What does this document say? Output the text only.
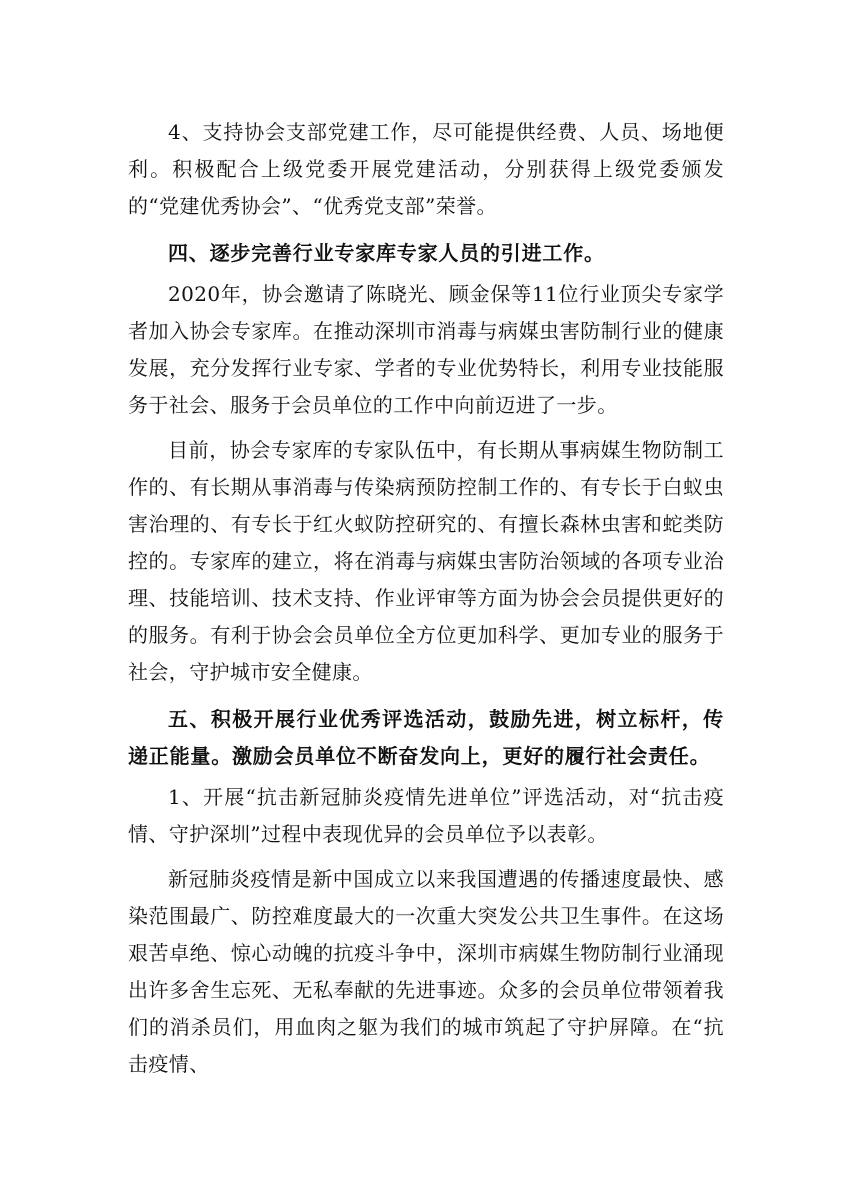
4、支持协会支部党建工作，尽可能提供经费、人员、场地便利。积极配合上级党委开展党建活动，分别获得上级党委颁发的“党建优秀协会”、“优秀党支部”荣誉。

四、逐步完善行业专家库专家人员的引进工作。

2020年，协会邀请了陈晓光、顾金保等11位行业顶尖专家学者加入协会专家库。在推动深圳市消毒与病媒虫害防制行业的健康发展，充分发挥行业专家、学者的专业优势特长，利用专业技能服务于社会、服务于会员单位的工作中向前迈进了一步。

目前，协会专家库的专家队伍中，有长期从事病媒生物防制工作的、有长期从事消毒与传染病预防控制工作的、有专长于白蚁虫害治理的、有专长于红火蚁防控研究的、有擅长森林虫害和蛇类防控的。专家库的建立，将在消毒与病媒虫害防治领域的各项专业治理、技能培训、技术支持、作业评审等方面为协会会员提供更好的的服务。有利于协会会员单位全方位更加科学、更加专业的服务于社会，守护城市安全健康。

五、积极开展行业优秀评选活动，鼓励先进，树立标杆，传递正能量。激励会员单位不断奋发向上，更好的履行社会责任。

1、开展“抗击新冠肺炎疫情先进单位”评选活动，对“抗击疫情、守护深圳”过程中表现优异的会员单位予以表彰。

新冠肺炎疫情是新中国成立以来我国遭遇的传播速度最快、感染范围最广、防控难度最大的一次重大突发公共卫生事件。在这场艰苦卓绝、惊心动魄的抗疫斗争中，深圳市病媒生物防制行业涌现出许多舍生忘死、无私奉献的先进事迹。众多的会员单位带领着我们的消杀员们，用血肉之躯为我们的城市筑起了守护屏障。在“抗击疫情、
